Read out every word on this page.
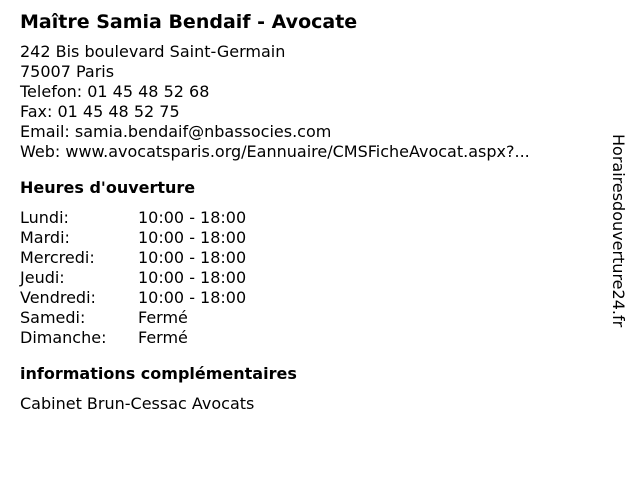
Maître Samia Bendaif - Avocate
242 Bis boulevard Saint-Germain
75007 Paris
Telefon: 01 45 48 52 68
Fax: 01 45 48 52 75
Email: samia.bendaif@nbassocies.com
Web: www.avocatsparis.org/Eannuaire/CMSFicheAvocat.aspx?...
Heures d'ouverture
Lundi:	10:00 - 18:00
Mardi:	10:00 - 18:00
Mercredi:	10:00 - 18:00
Jeudi:	10:00 - 18:00
Vendredi:	10:00 - 18:00
Samedi:	Fermé
Dimanche:	Fermé
informations complémentaires
Cabinet Brun-Cessac Avocats
Horairesdouverture24.fr
